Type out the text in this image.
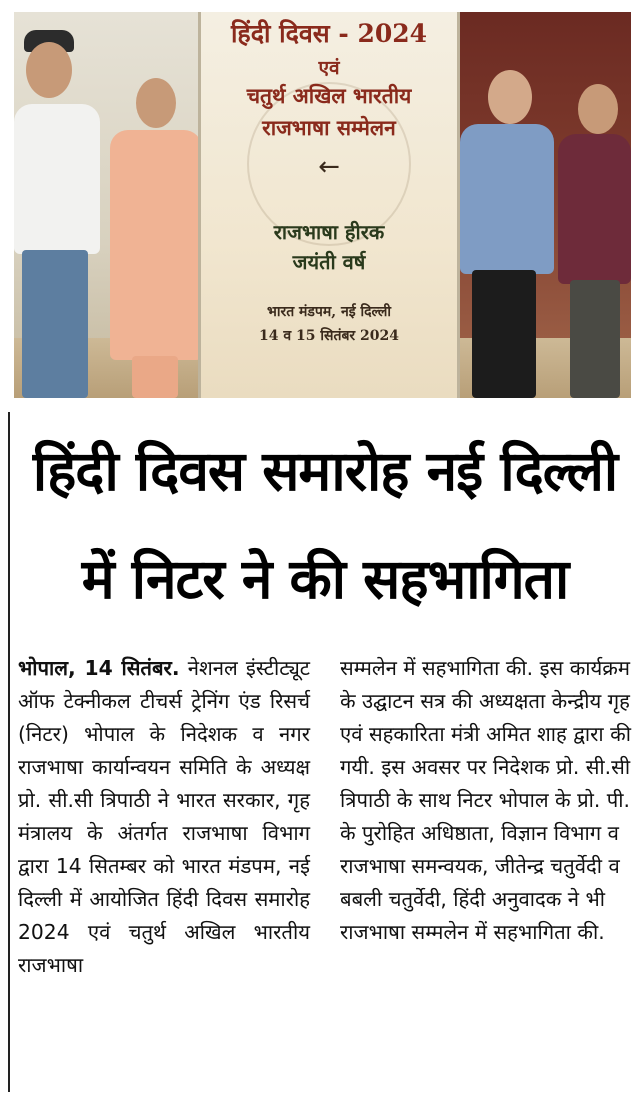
हिंदी दिवस - 2024
एवं
चतुर्थ अखिल भारतीय
राजभाषा सम्मेलन
←
राजभाषा हीरक
जयंती वर्ष
भारत मंडपम, नई दिल्ली
14 व 15 सितंबर 2024
हिंदी दिवस समारोह नई दिल्ली
में निटर ने की सहभागिता

भोपाल, 14 सितंबर. नेशनल इंस्टीट्यूट ऑफ टेक्नीकल टीचर्स ट्रेनिंग एंड रिसर्च (निटर) भोपाल के निदेशक व नगर राजभाषा कार्यान्वयन समिति के अध्यक्ष प्रो. सी.सी त्रिपाठी ने भारत सरकार, गृह मंत्रालय के अंतर्गत राजभाषा विभाग द्वारा 14 सितम्बर को भारत मंडपम, नई दिल्ली में आयोजित हिंदी दिवस समारोह 2024 एवं चतुर्थ अखिल भारतीय राजभाषा

सम्मलेन में सहभागिता की. इस कार्यक्रम के उद्घाटन सत्र की अध्यक्षता केन्द्रीय गृह एवं सहकारिता मंत्री अमित शाह द्वारा की गयी. इस अवसर पर निदेशक प्रो. सी.सी त्रिपाठी के साथ निटर भोपाल के प्रो. पी. के पुरोहित अधिष्ठाता, विज्ञान विभाग व राजभाषा समन्वयक, जीतेन्द्र चतुर्वेदी व बबली चतुर्वेदी, हिंदी अनुवादक ने भी राजभाषा सम्मलेन में सहभागिता की.
